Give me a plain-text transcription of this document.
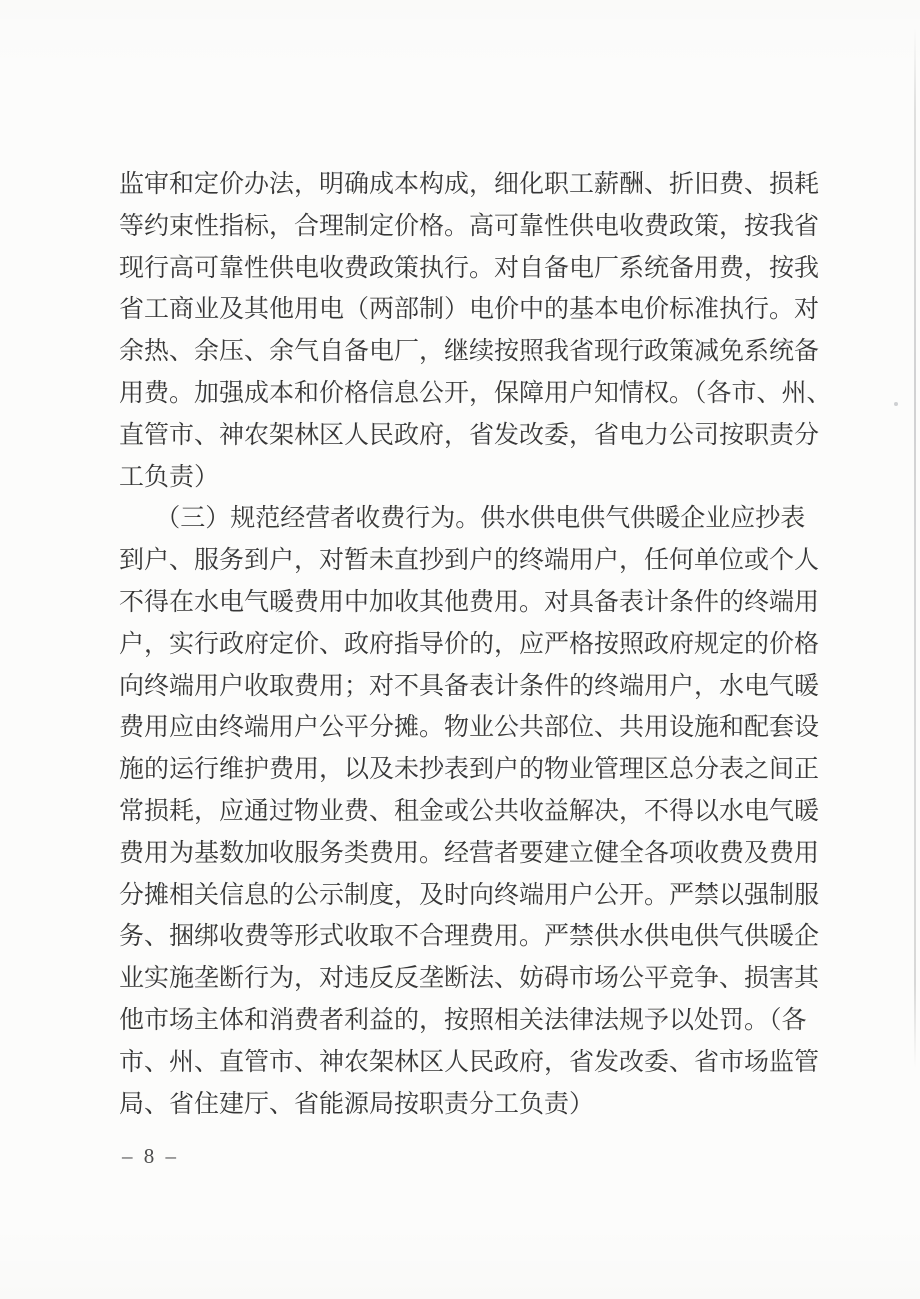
监审和定价办法，明确成本构成，细化职工薪酬、折旧费、损耗
等约束性指标，合理制定价格。高可靠性供电收费政策，按我省
现行高可靠性供电收费政策执行。对自备电厂系统备用费，按我
省工商业及其他用电（两部制）电价中的基本电价标准执行。对
余热、余压、余气自备电厂，继续按照我省现行政策减免系统备
用费。加强成本和价格信息公开，保障用户知情权。（各市、州、
直管市、神农架林区人民政府，省发改委，省电力公司按职责分
工负责）
（三）规范经营者收费行为。供水供电供气供暖企业应抄表
到户、服务到户，对暂未直抄到户的终端用户，任何单位或个人
不得在水电气暖费用中加收其他费用。对具备表计条件的终端用
户，实行政府定价、政府指导价的，应严格按照政府规定的价格
向终端用户收取费用；对不具备表计条件的终端用户，水电气暖
费用应由终端用户公平分摊。物业公共部位、共用设施和配套设
施的运行维护费用，以及未抄表到户的物业管理区总分表之间正
常损耗，应通过物业费、租金或公共收益解决，不得以水电气暖
费用为基数加收服务类费用。经营者要建立健全各项收费及费用
分摊相关信息的公示制度，及时向终端用户公开。严禁以强制服
务、捆绑收费等形式收取不合理费用。严禁供水供电供气供暖企
业实施垄断行为，对违反反垄断法、妨碍市场公平竞争、损害其
他市场主体和消费者利益的，按照相关法律法规予以处罚。（各
市、州、直管市、神农架林区人民政府，省发改委、省市场监管
局、省住建厅、省能源局按职责分工负责）
– 8 –
